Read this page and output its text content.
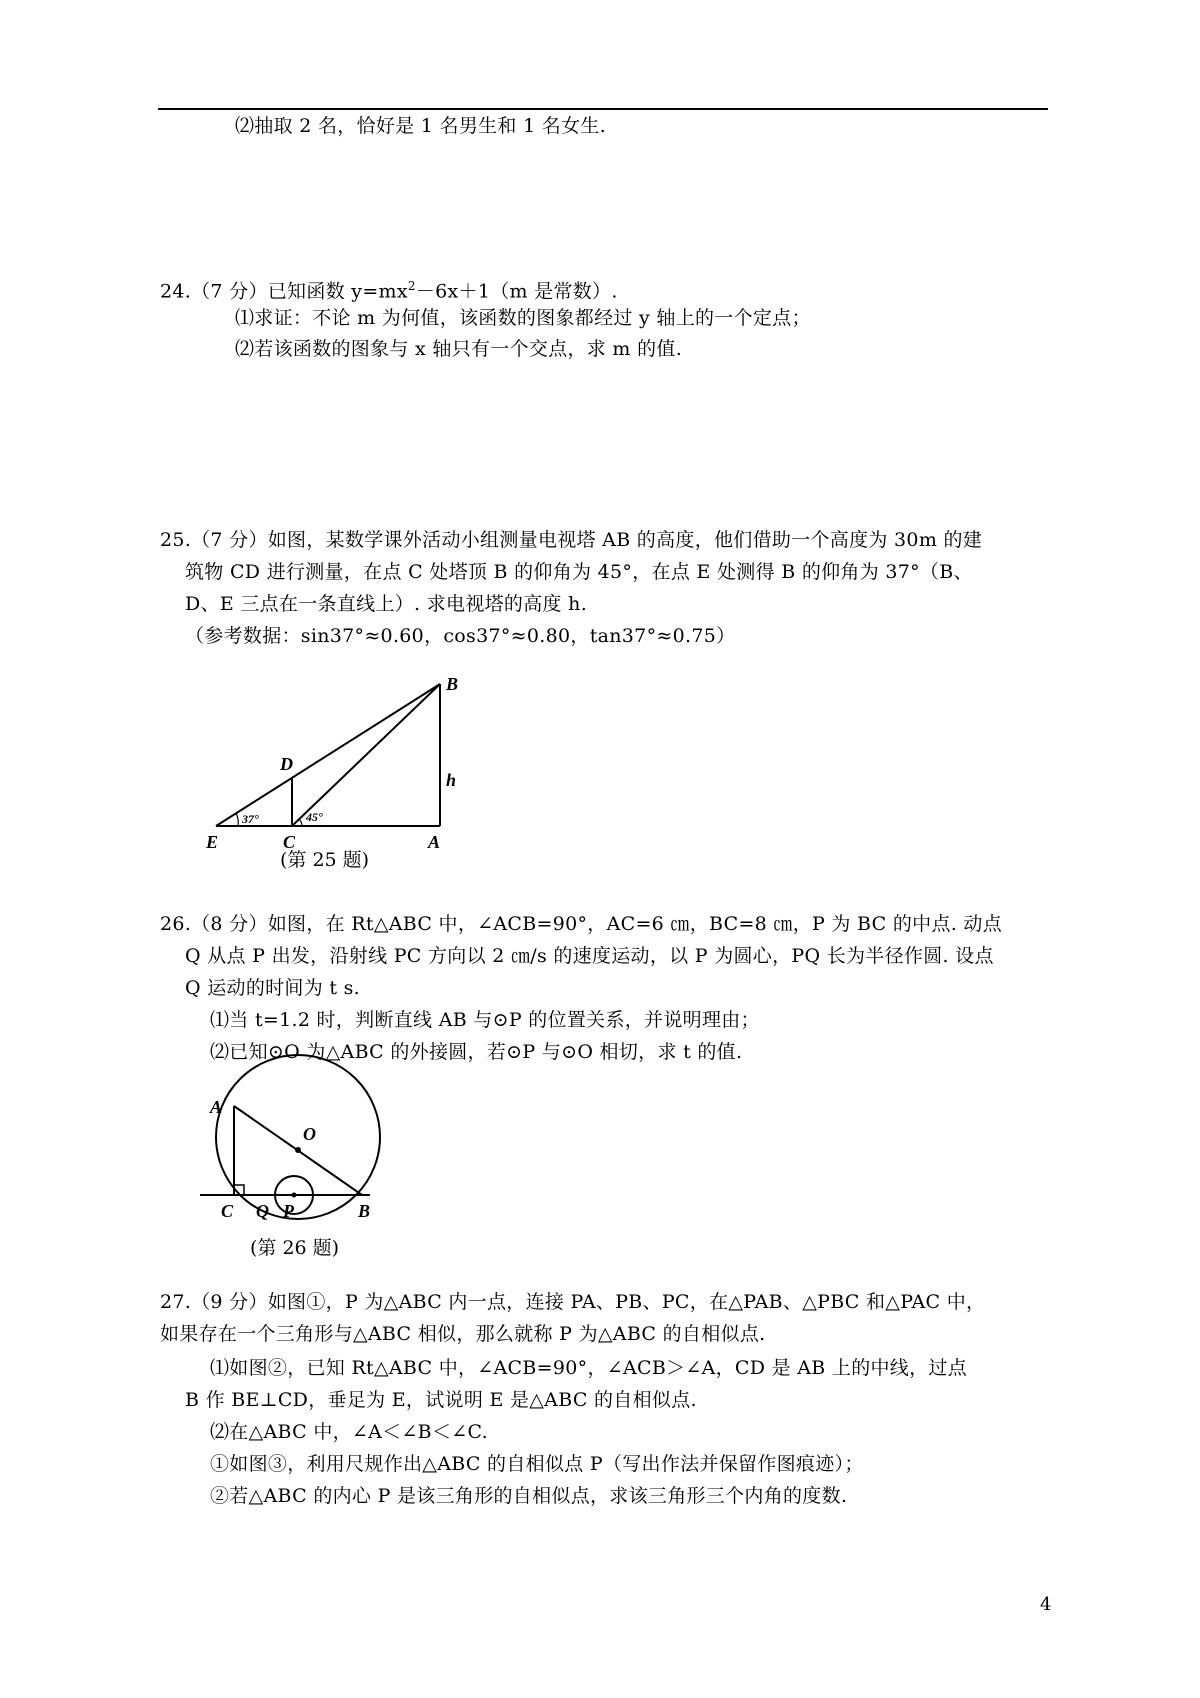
⑵抽取 2 名，恰好是 1 名男生和 1 名女生.
24.（7 分）已知函数 $y=mx^2-6x+1(m$ 是常数）.
⑴求证：不论 m 为何值，该函数的图象都经过 y 轴上的一个定点；
⑵若该函数的图象与 x 轴只有一个交点，求 m 的值.
25.（7 分）如图，某数学课外活动小组测量电视塔 AB 的高度，他们借助一个高度为 30m 的建
筑物 CD 进行测量，在点 C 处塔顶 B 的仰角为 45°，在点 E 处测得 B 的仰角为 37°（B、
D、E 三点在一条直线上）. 求电视塔的高度 h.
（参考数据：sin37°≈0.60，cos37°≈0.80，tan37°≈0.75）
B
D
h
E	C	A
37°	45°
A
O
C Q P	B
(第 25 题)
26.（8 分）如图，在 Rt△ABC 中，∠ACB=90°，AC=6 ㎝，BC=8 ㎝，P 为 BC 的中点. 动点
Q 从点 P 出发，沿射线 PC 方向以 2 ㎝/s 的速度运动，以 P 为圆心，PQ 长为半径作圆. 设点
Q 运动的时间为 t s.
⑴当 t=1.2 时，判断直线 AB 与⊙P 的位置关系，并说明理由；
⑵已知⊙O 为△ABC 的外接圆，若⊙P 与⊙O 相切，求 t 的值.
(第 26 题)
27.（9 分）如图①，P 为△ABC 内一点，连接 PA、PB、PC，在△PAB、△PBC 和△PAC 中，
如果存在一个三角形与△ABC 相似，那么就称 P 为△ABC 的自相似点.
⑴如图②，已知 Rt△ABC 中，∠ACB=90°，∠ACB＞∠A，CD 是 AB 上的中线，过点
B 作 BE⊥CD，垂足为 E，试说明 E 是△ABC 的自相似点.
⑵在△ABC 中，∠A＜∠B＜∠C.
①如图③，利用尺规作出△ABC 的自相似点 P（写出作法并保留作图痕迹）；
②若△ABC 的内心 P 是该三角形的自相似点，求该三角形三个内角的度数.
4
